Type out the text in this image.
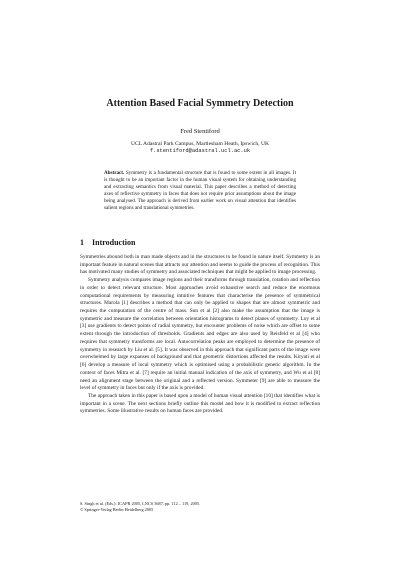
Attention Based Facial Symmetry Detection
Fred Stentiford
UCL Adastral Park Campus, Martlesham Heath, Ipswich, UK
f.stentiford@adastral.ucl.ac.uk
Abstract. Symmetry is a fundamental structure that is found to some extent in all images. It is thought to be an important factor in the human visual system for obtaining understanding and extracting semantics from visual material. This paper describes a method of detecting axes of reflective symmetry in faces that does not require prior assumptions about the image being analysed. The approach is derived from earlier work on visual attention that identifies salient regions and translational symmetries.
1 Introduction

Symmetries abound both in man made objects and in the structures to be found in nature itself. Symmetry is an important feature in natural scenes that attracts our attention and seems to guide the process of recognition. This has motivated many studies of symmetry and associated techniques that might be applied to image processing.

Symmetry analysis compares image regions and their transforms through translation, rotation and reflection in order to detect relevant structure. Most approaches avoid exhaustive search and reduce the enormous computational requirements by measuring intuitive features that characterise the presence of symmetrical structures. Marola [1] describes a method that can only be applied to shapes that are almost symmetric and requires the computation of the centre of mass. Sun et al [2] also make the assumption that the image is symmetric and measure the correlation between orientation histograms to detect planes of symmetry. Loy et al [3] use gradients to detect points of radial symmetry, but encounter problems of noise which are offset to some extent through the introduction of thresholds. Gradients and edges are also used by Reisfeld et al [4] who requires that symmetry transforms are local. Autocorrelation peaks are employed to determine the presence of symmetry in research by Liu et al. [5]. It was observed in this approach that significant parts of the image were overwhelmed by large expanses of background and that geometric distortions affected the results. Kiryati et al [6] develop a measure of local symmetry which is optimised using a probabilistic genetic algorithm. In the context of faces Mitra et al. [7] require an initial manual indication of the axis of symmetry, and Wu et al [8] need an alignment stage between the original and a reflected version. Symmeter [9] are able to measure the level of symmetry in faces but only if the axis is provided.

The approach taken in this paper is based upon a model of human visual attention [10] that identifies what is important in a scene. The next sections briefly outline this model and how it is modified to extract reflection symmetries. Some illustrative results on human faces are provided.

S. Singh et al. (Eds.): ICAPR 2005, LNCS 3687, pp. 112 – 119, 2005.
© Springer-Verlag Berlin Heidelberg 2005
